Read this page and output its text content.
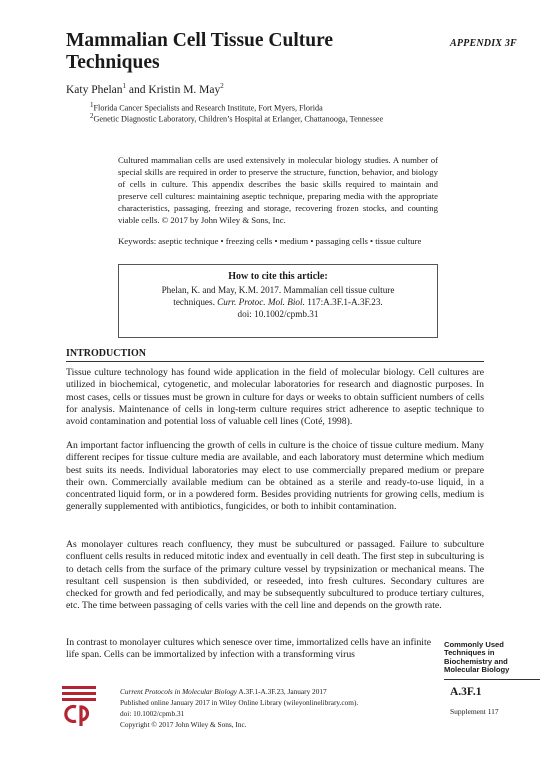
Mammalian Cell Tissue Culture
Techniques
APPENDIX 3F
Katy Phelan$^1$ and Kristin M. May$^2$
$^1$Florida Cancer Specialists and Research Institute, Fort Myers, Florida
$^2$Genetic Diagnostic Laboratory, Children’s Hospital at Erlanger, Chattanooga, Tennessee

Cultured mammalian cells are used extensively in molecular biology studies. A number of special skills are required in order to preserve the structure, function, behavior, and biology of cells in culture. This appendix describes the basic skills required to maintain and preserve cell cultures: maintaining aseptic technique, preparing media with the appropriate characteristics, passaging, freezing and storage, recovering frozen stocks, and counting viable cells. © 2017 by John Wiley & Sons, Inc.

Keywords: aseptic technique • freezing cells • medium • passaging cells • tissue culture

How to cite this article:
Phelan, K. and May, K.M. 2017. Mammalian cell tissue culture
techniques. Curr. Protoc. Mol. Biol. 117:A.3F.1-A.3F.23.
doi: 10.1002/cpmb.31
INTRODUCTION

Tissue culture technology has found wide application in the field of molecular biology. Cell cultures are utilized in biochemical, cytogenetic, and molecular laboratories for research and diagnostic purposes. In most cases, cells or tissues must be grown in culture for days or weeks to obtain sufficient numbers of cells for analysis. Maintenance of cells in long-term culture requires strict adherence to aseptic technique to avoid contamination and potential loss of valuable cell lines (Coté, 1998).

An important factor influencing the growth of cells in culture is the choice of tissue culture medium. Many different recipes for tissue culture media are available, and each laboratory must determine which medium best suits its needs. Individual laboratories may elect to use commercially prepared medium or prepare their own. Commercially available medium can be obtained as a sterile and ready-to-use liquid, in a concentrated liquid form, or in a powdered form. Besides providing nutrients for growing cells, medium is generally supplemented with antibiotics, fungicides, or both to inhibit contamination.

As monolayer cultures reach confluency, they must be subcultured or passaged. Failure to subculture confluent cells results in reduced mitotic index and eventually in cell death. The first step in subculturing is to detach cells from the surface of the primary culture vessel by trypsinization or mechanical means. The resultant cell suspension is then subdivided, or reseeded, into fresh cultures. Secondary cultures are checked for growth and fed periodically, and may be subsequently subcultured to produce tertiary cultures, etc. The time between passaging of cells varies with the cell line and depends on the growth rate.

In contrast to monolayer cultures which senesce over time, immortalized cells have an infinite life span. Cells can be immortalized by infection with a transforming virus

Commonly Used
Techniques in
Biochemistry and
Molecular Biology
A.3F.1
Supplement 117
Current Protocols in Molecular Biology A.3F.1-A.3F.23, January 2017
Published online January 2017 in Wiley Online Library (wileyonlinelibrary.com).
doi: 10.1002/cpmb.31
Copyright © 2017 John Wiley & Sons, Inc.
